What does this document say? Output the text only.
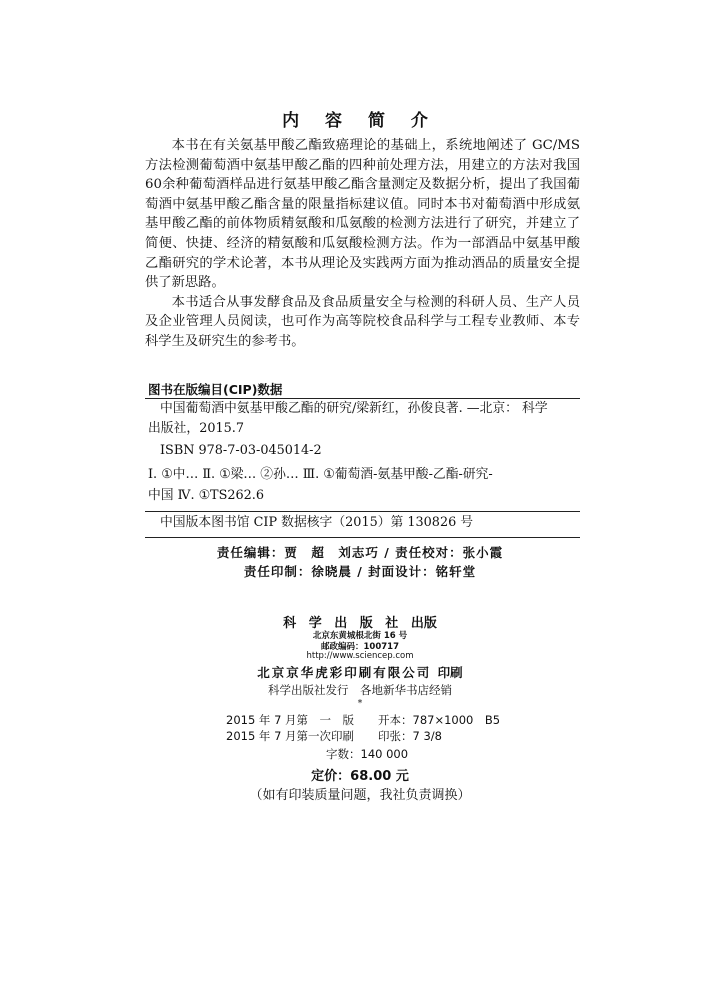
内 容 简 介

本书在有关氨基甲酸乙酯致癌理论的基础上，系统地阐述了 GC/MS 方法检测葡萄酒中氨基甲酸乙酯的四种前处理方法，用建立的方法对我国60余种葡萄酒样品进行氨基甲酸乙酯含量测定及数据分析，提出了我国葡萄酒中氨基甲酸乙酯含量的限量指标建议值。同时本书对葡萄酒中形成氨基甲酸乙酯的前体物质精氨酸和瓜氨酸的检测方法进行了研究，并建立了简便、快捷、经济的精氨酸和瓜氨酸检测方法。作为一部酒品中氨基甲酸乙酯研究的学术论著，本书从理论及实践两方面为推动酒品的质量安全提供了新思路。

本书适合从事发酵食品及食品质量安全与检测的科研人员、生产人员及企业管理人员阅读，也可作为高等院校食品科学与工程专业教师、本专科学生及研究生的参考书。

图书在版编目(CIP)数据

中国葡萄酒中氨基甲酸乙酯的研究/梁新红，孙俊良著. —北京： 科学

出版社，2015.7

ISBN 978-7-03-045014-2

Ⅰ. ①中… Ⅱ. ①梁… ②孙… Ⅲ. ①葡萄酒-氨基甲酸-乙酯-研究-

中国 Ⅳ. ①TS262.6

中国版本图书馆 CIP 数据核字（2015）第 130826 号

责任编辑：贾　超　刘志巧 / 责任校对：张小霞
责任印制：徐晓晨 / 封面设计：铭轩堂
科 学 出 版 社 出版
北京东黄城根北街 16 号
邮政编码：100717
http://www.sciencep.com
北京京华虎彩印刷有限公司 印刷
科学出版社发行　各地新华书店经销
*
2015 年 7 月第　一　版 开本：787×1000　B5
2015 年 7 月第一次印刷 印张：7 3/8
字数：140 000
定价：68.00 元
（如有印装质量问题，我社负责调换）
